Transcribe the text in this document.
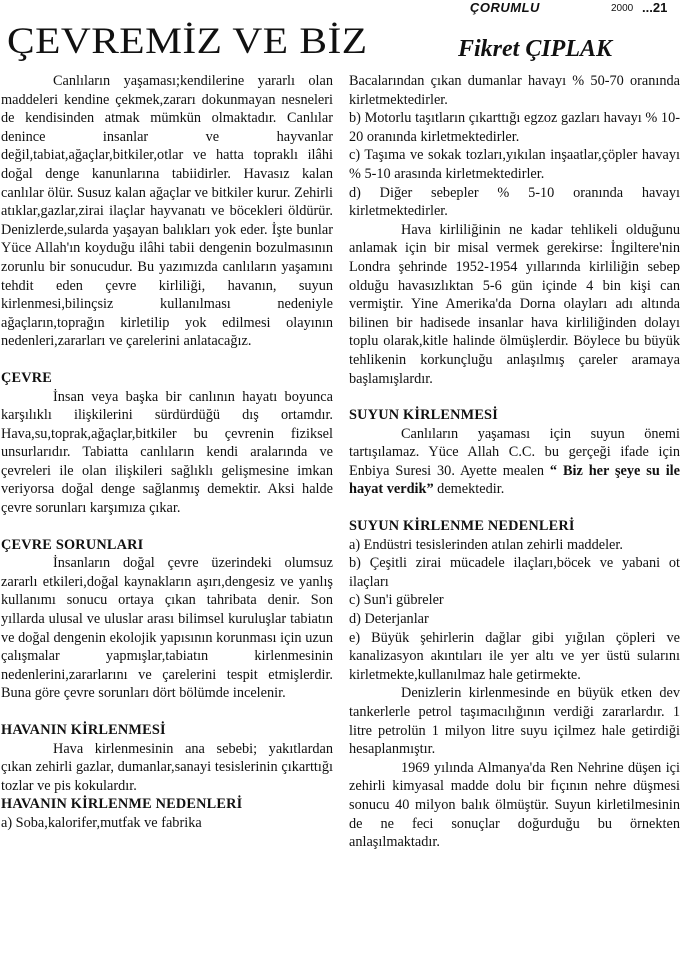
ÇORUMLU	2000 ...21
ÇEVREMİZ VE BİZ	Fikret ÇIPLAK

Canlıların yaşaması;kendilerine yararlı olan maddeleri kendine çekmek,zararı dokunmayan nesneleri de kendisinden atmak mümkün olmaktadır. Canlılar denince insanlar ve hayvanlar değil,tabiat,ağaçlar,bitkiler,otlar ve hatta topraklı ilâhi doğal denge kanunlarına tabiidirler. Havasız kalan canlılar ölür. Susuz kalan ağaçlar ve bitkiler kurur. Zehirli atıklar,gazlar,zirai ilaçlar hayvanatı ve böcekleri öldürür. Denizlerde,sularda yaşayan balıkları yok eder. İşte bunlar Yüce Allah'ın koyduğu ilâhi tabii dengenin bozulmasının zorunlu bir sonucudur. Bu yazımızda canlıların yaşamını tehdit eden çevre kirliliği, havanın, suyun kirlenmesi,bilinçsiz kullanılması nedeniyle ağaçların,toprağın kirletilip yok edilmesi olayının nedenleri,zararları ve çarelerini anlatacağız.

ÇEVRE

İnsan veya başka bir canlının hayatı boyunca karşılıklı ilişkilerini sürdürdüğü dış ortamdır. Hava,su,toprak,ağaçlar,bitkiler bu çevrenin fiziksel unsurlarıdır. Tabiatta canlıların kendi aralarında ve çevreleri ile olan ilişkileri sağlıklı gelişmesine imkan veriyorsa doğal denge sağlanmış demektir. Aksi halde çevre sorunları karşımıza çıkar.

ÇEVRE SORUNLARI

İnsanların doğal çevre üzerindeki olumsuz zararlı etkileri,doğal kaynakların aşırı,dengesiz ve yanlış kullanımı sonucu ortaya çıkan tahribata denir. Son yıllarda ulusal ve uluslar arası bilimsel kuruluşlar tabiatın ve doğal dengenin ekolojik yapısının korunması için uzun çalışmalar yapmışlar,tabiatın kirlenmesinin nedenlerini,zararlarını ve çarelerini tespit etmişlerdir. Buna göre çevre sorunları dört bölümde incelenir.

HAVANIN KİRLENMESİ

Hava kirlenmesinin ana sebebi; yakıtlardan çıkan zehirli gazlar, dumanlar,sanayi tesislerinin çıkarttığı tozlar ve pis kokulardır.

HAVANIN KİRLENME NEDENLERİ

a) Soba,kalorifer,mutfak ve fabrika

Bacalarından çıkan dumanlar havayı % 50-70 oranında kirletmektedirler.

b) Motorlu taşıtların çıkarttığı egzoz gazları havayı % 10-20 oranında kirletmektedirler.

c) Taşıma ve sokak tozları,yıkılan inşaatlar,çöpler havayı % 5-10 arasında kirletmektedirler.

d) Diğer sebepler % 5-10 oranında havayı kirletmektedirler.

Hava kirliliğinin ne kadar tehlikeli olduğunu anlamak için bir misal vermek gerekirse: İngiltere'nin Londra şehrinde 1952-1954 yıllarında kirliliğin sebep olduğu havasızlıktan 5-6 gün içinde 4 bin kişi can vermiştir. Yine Amerika'da Dorna olayları adı altında bilinen bir hadisede insanlar hava kirliliğinden dolayı toplu olarak,kitle halinde ölmüşlerdir. Böylece bu büyük tehlikenin korkunçluğu anlaşılmış çareler aramaya başlamışlardır.

SUYUN KİRLENMESİ

Canlıların yaşaması için suyun önemi tartışılamaz. Yüce Allah C.C. bu gerçeği ifade için Enbiya Suresi 30. Ayette mealen “ Biz her şeye su ile hayat verdik” demektedir.

SUYUN KİRLENME NEDENLERİ

a) Endüstri tesislerinden atılan zehirli maddeler.

b) Çeşitli zirai mücadele ilaçları,böcek ve yabani ot ilaçları

c) Sun'i gübreler

d) Deterjanlar

e) Büyük şehirlerin dağlar gibi yığılan çöpleri ve kanalizasyon akıntıları ile yer altı ve yer üstü sularını kirletmekte,kullanılmaz hale getirmekte.

Denizlerin kirlenmesinde en büyük etken dev tankerlerle petrol taşımacılığının verdiği zararlardır. 1 litre petrolün 1 milyon litre suyu içilmez hale getirdiği hesaplanmıştır.

1969 yılında Almanya'da Ren Nehrine düşen içi zehirli kimyasal madde dolu bir fıçının nehre düşmesi sonucu 40 milyon balık ölmüştür. Suyun kirletilmesinin de ne feci sonuçlar doğurduğu bu örnekten anlaşılmaktadır.
